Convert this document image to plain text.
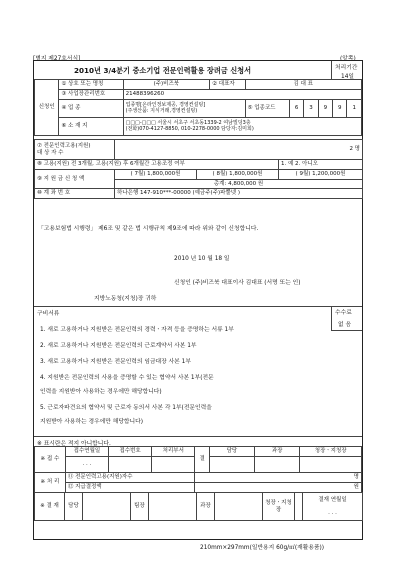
[별지 제27호서식]	(앞쪽)
2010년 3/4분기 중소기업 전문인력활용 장려금 신청서	처리기간
14일
신청인	① 상호 또는 명칭	(주)비즈북	② 대표자	김 대 표					
	③ 사업장관리번호	21488396260							
	④ 업 종	업종명[온라인정보제공, 경영컨설팅]
(주생산품: 지식거래,경영컨설팅)		⑤ 업종코드	6	3	9	9	1
	⑥ 소 재 지	□□□-□□□ 서울시 서초구 서초동1339-2 여남빌딩3층
(전화)070-4127-8850, 010-2278-0000 담당자:김미희)							
⑦ 전문인력고용(지원)
대 상 자 수	2 명		
⑧ 고용(지원) 전 3개월, 고용(지원) 후 6개월간 고용조정 여부			1. 예 2. 아니오
⑨ 지 원 금 신 청 액	( 7월) 1,800,000원	( 8월) 1,800,000원	( 9월) 1,200,000원
	총계: 4,800,000 원		
⑩ 계 좌 번 호	하나은행 147-910***-00000 (예금주(주)파뿔넷 )		
「고용보험법 시행령」 제6조 및 같은 법 시행규칙 제9조에 따라 위와 같이 신청합니다.
2010 년 10 월 18 일
신청인 (주)비즈북 대표이사 김대표 (서명 또는 인)
지방노동청(지청)장 귀하
구비서류	수수료
없 음
1. 새로 고용하거나 지원받은 전문인력의 경력ㆍ자격 등을 증명하는 서류 1부
2. 새로 고용하거나 지원받은 전문인력의 근로계약서 사본 1부
3. 새로 고용하거나 지원받은 전문인력의 임금대장 사본 1부
4. 지원받은 전문인력의 사용을 증명할 수 있는 협약서 사본 1부(전문
인력을 지원받아 사용하는 경우에만 해당합니다)
5. 근로자파견요의 협약서 및 근로자 동의서 사본 각 1부(전문인력을
지원받아 사용하는 경우에만 해당합니다)
※ 표시란은 적지 아니합니다.
※ 접 수	접수연월일	접수번호	처리부서	결	담당	과장	청장ㆍ지청장
	. . .						
※ 처 리	⑪ 전문인력고용(지원)자수			명			
	⑫ 지급결정액			원			
※ 결 재	담당		팀장		과장		청장ㆍ지청장		
결재 연월일
. . .
210mm×297mm(일반용지 60g/㎡(재활용품))
